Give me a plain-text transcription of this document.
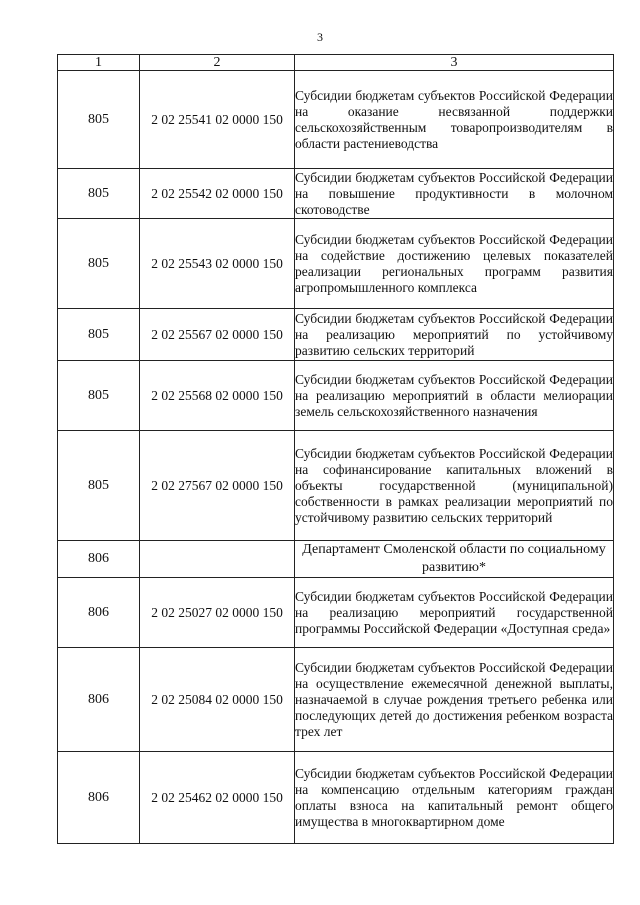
3
1	2	3
805	2 02 25541 02 0000 150	Субсидии бюджетам субъектов Российской Федерации на оказание несвязанной поддержки сельскохозяйственным товаропроизводителям в области растениеводства
805	2 02 25542 02 0000 150	Субсидии бюджетам субъектов Российской Федерации на повышение продуктивности в молочном скотоводстве
805	2 02 25543 02 0000 150	Субсидии бюджетам субъектов Российской Федерации на содействие достижению целевых показателей реализации региональных программ развития агропромышленного комплекса
805	2 02 25567 02 0000 150	Субсидии бюджетам субъектов Российской Федерации на реализацию мероприятий по устойчивому развитию сельских территорий
805	2 02 25568 02 0000 150	Субсидии бюджетам субъектов Российской Федерации на реализацию мероприятий в области мелиорации земель сельскохозяйственного назначения
805	2 02 27567 02 0000 150	Субсидии бюджетам субъектов Российской Федерации на софинансирование капитальных вложений в объекты государственной (муниципальной) собственности в рамках реализации мероприятий по устойчивому развитию сельских территорий
806		Департамент Смоленской области по социальному развитию*
806	2 02 25027 02 0000 150	Субсидии бюджетам субъектов Российской Федерации на реализацию мероприятий государственной программы Российской Федерации «Доступная среда»
806	2 02 25084 02 0000 150	Субсидии бюджетам субъектов Российской Федерации на осуществление ежемесячной денежной выплаты, назначаемой в случае рождения третьего ребенка или последующих детей до достижения ребенком возраста трех лет
806	2 02 25462 02 0000 150	Субсидии бюджетам субъектов Российской Федерации на компенсацию отдельным категориям граждан оплаты взноса на капитальный ремонт общего имущества в многоквартирном доме
